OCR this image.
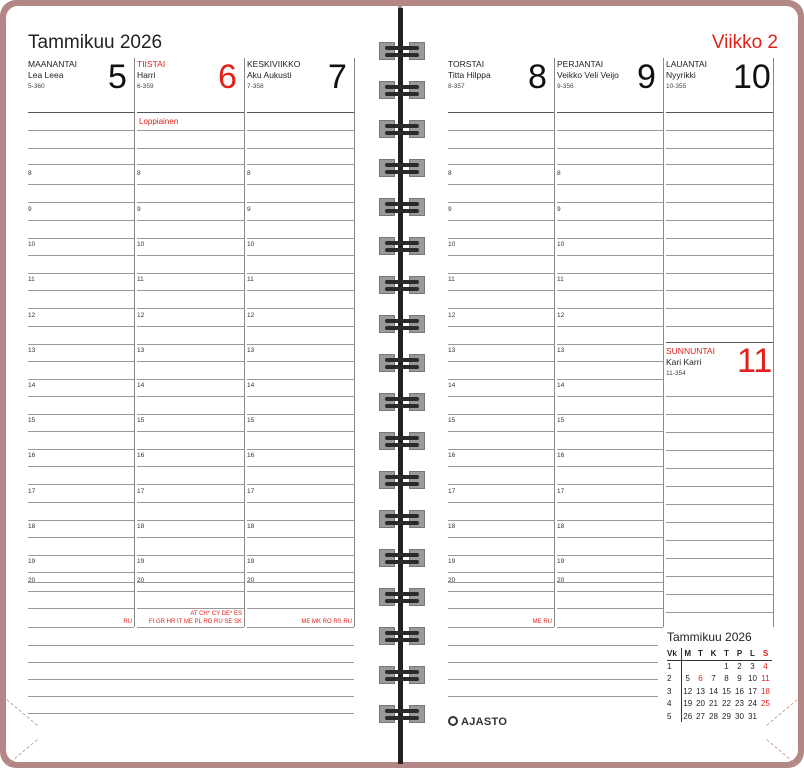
Tammikuu 2026	Viikko 2
MAANANTAI
Lea Leea
5-360	5
8
9
10
11
12
13
14
15
16
17
18
19
20
RU
TIISTAI
Harri
6-359	6
8
9
10
11
12
13
14
15
16
17
18
19
20
Loppiainen
AT CH* CY DE* ES
FI GR HR IT ME PL RO RU SE SK
KESKIVIIKKO
Aku Aukusti
7-358	7
8
9
10
11
12
13
14
15
16
17
18
19
20
ME MK RO RS RU
TORSTAI
Titta Hilppa
8-357	8
8
9
10
11
12
13
14
15
16
17
18
19
20
ME RU
PERJANTAI
Veikko Veli Veijo
9-356	9
8
9
10
11
12
13
14
15
16
17
18
19
20
LAUANTAI
Nyyrikki
10-355	10
SUNNUNTAI
Kari Karri
11-354	11
AJASTO
Tammikuu 2026
Vk	M	T	K	T	P	L	S
1				1	2	3	4
2	5	6	7	8	9	10	11
3	12	13	14	15	16	17	18
4	19	20	21	22	23	24	25
5	26	27	28	29	30	31	
